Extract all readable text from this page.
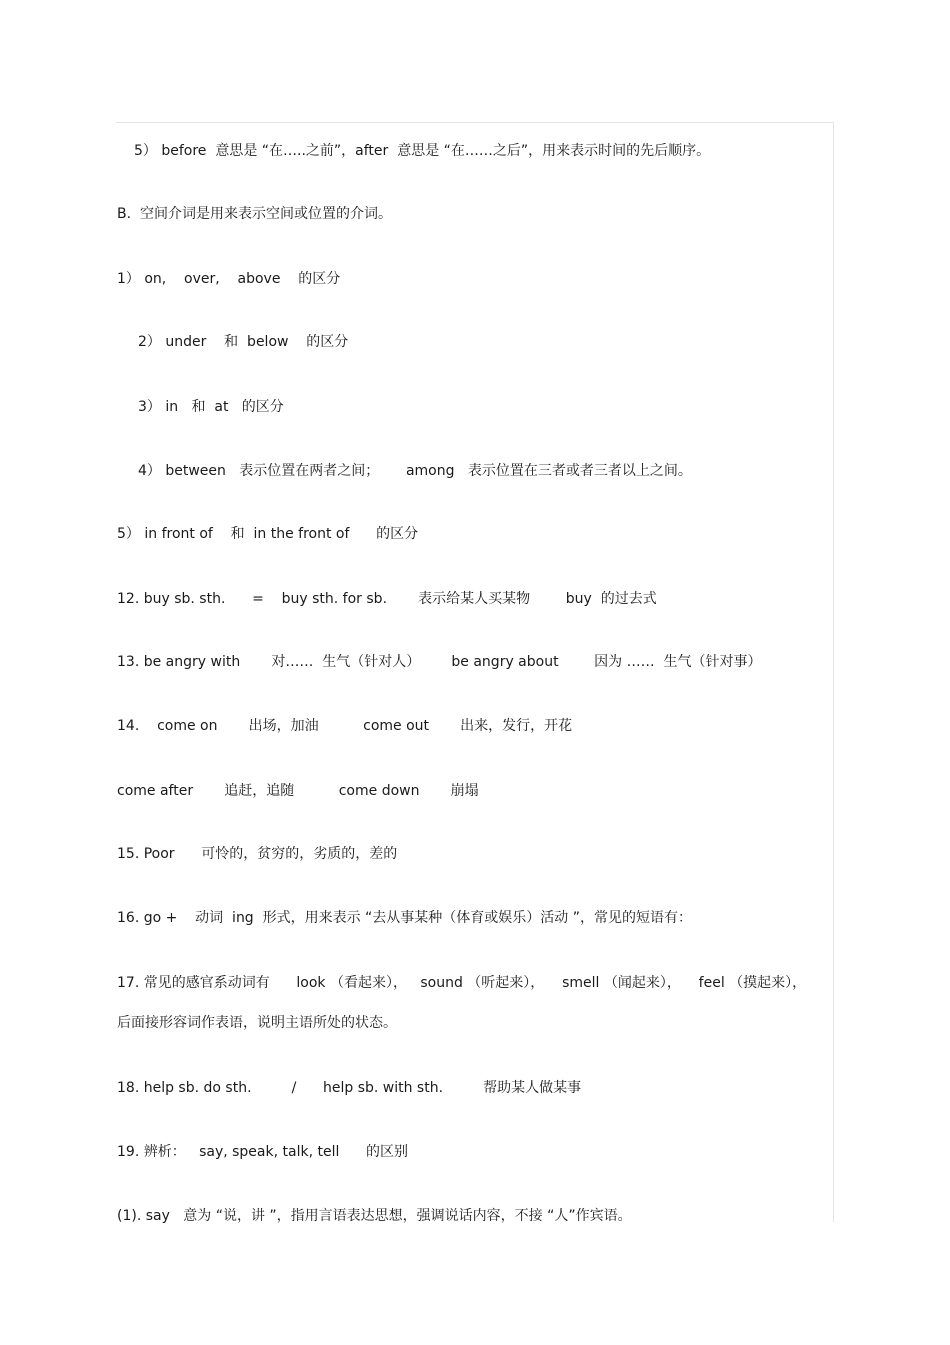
5） before  意思是 “在…..之前”，after  意思是 “在……之后”，用来表示时间的先后顺序。
B.  空间介词是用来表示空间或位置的介词。
1） on,    over,    above    的区分
2） under    和  below    的区分
3） in   和  at   的区分
4） between   表示位置在两者之间；      among   表示位置在三者或者三者以上之间。
5） in front of    和  in the front of      的区分
12. buy sb. sth.      =    buy sth. for sb.       表示给某人买某物        buy  的过去式
13. be angry with       对……  生气（针对人）       be angry about        因为 ……  生气（针对事）
14.    come on       出场，加油          come out       出来，发行，开花
come after       追赶，追随          come down       崩塌
15. Poor      可怜的，贫穷的，劣质的，差的
16. go +    动词  ing  形式，用来表示 “去从事某种（体育或娱乐）活动 ”，常见的短语有：
17. 常见的感官系动词有      look （看起来），   sound （听起来），    smell （闻起来），    feel （摸起来），
后面接形容词作表语，说明主语所处的状态。
18. help sb. do sth.         /      help sb. with sth.         帮助某人做某事
19. 辨析：   say, speak, talk, tell      的区别
(1). say   意为 “说，讲 ”，指用言语表达思想，强调说话内容，不接 “人”作宾语。
